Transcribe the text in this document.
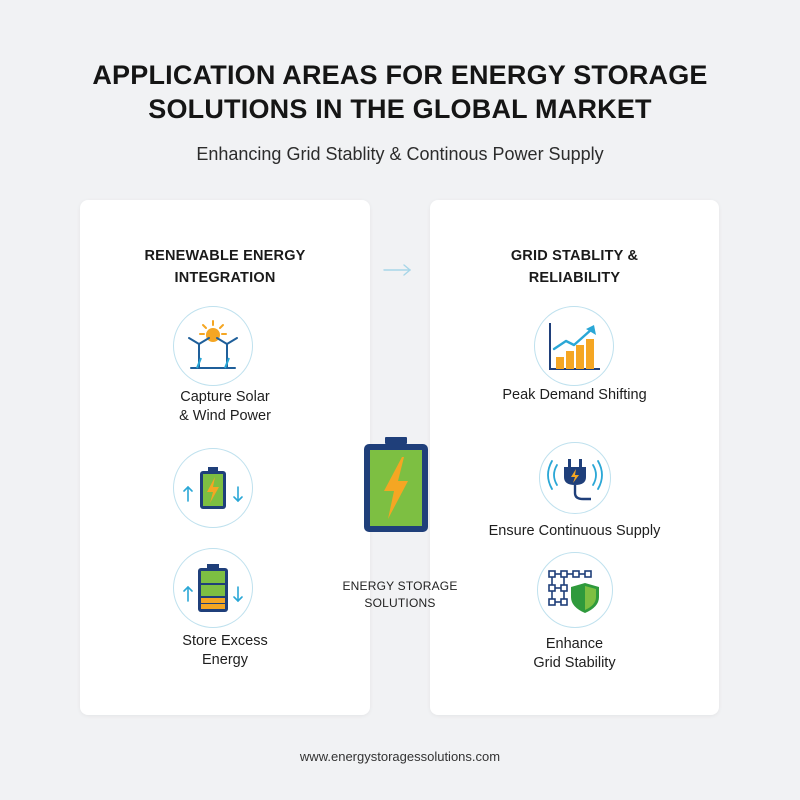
APPLICATION AREAS FOR ENERGY STORAGE
SOLUTIONS IN THE GLOBAL MARKET
Enhancing Grid Stablity & Continous Power Supply
RENEWABLE ENERGY
INTEGRATION
Capture Solar
& Wind Power
Store Excess
Energy
GRID STABLITY &
RELIABILITY
Peak Demand Shifting
Ensure Continuous Supply
Enhance
Grid Stability
ENERGY STORAGE
SOLUTIONS
www.energystoragessolutions.com
